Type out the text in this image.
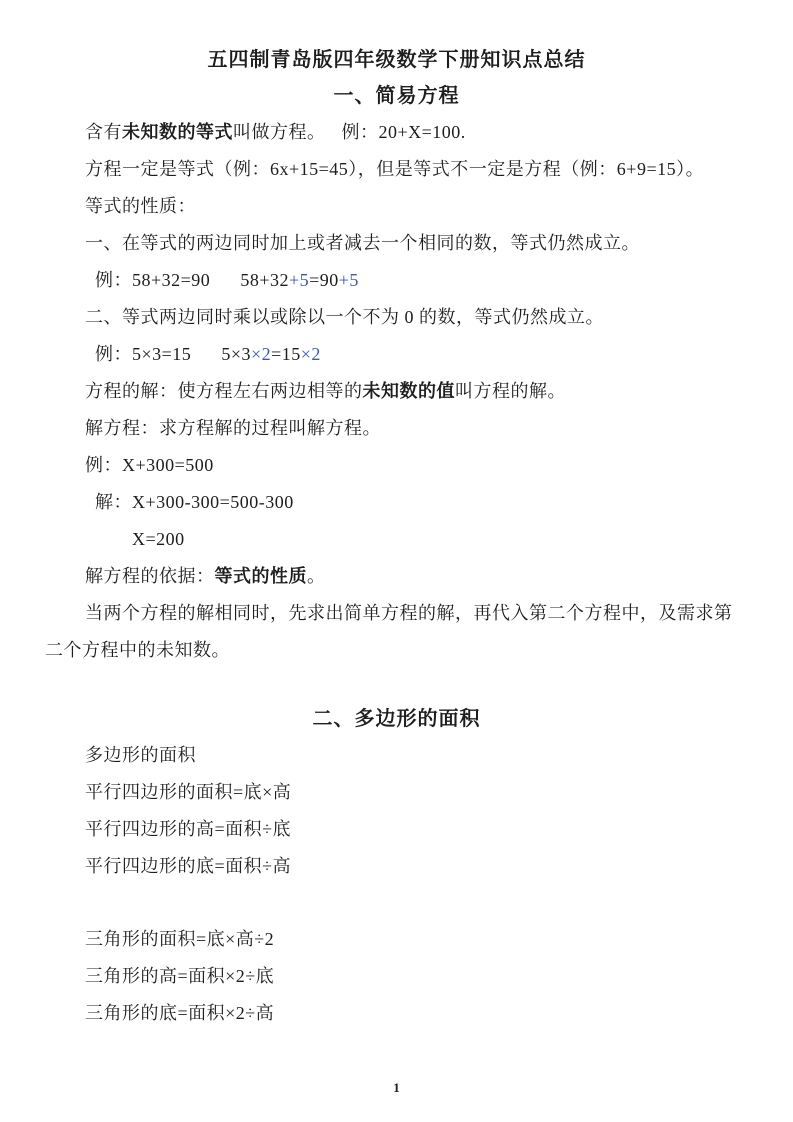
五四制青岛版四年级数学下册知识点总结
一、简易方程

含有未知数的等式叫做方程。 例：20+X=100.

方程一定是等式（例：6x+15=45），但是等式不一定是方程（例：6+9=15）。

等式的性质：

一、在等式的两边同时加上或者减去一个相同的数，等式仍然成立。

例：58+32=90 58+32+5=90+5

二、等式两边同时乘以或除以一个不为 0 的数，等式仍然成立。

例：5×3=15 5×3×2=15×2

方程的解：使方程左右两边相等的未知数的值叫方程的解。

解方程：求方程解的过程叫解方程。

例：X+300=500

解：X+300-300=500-300

X=200

解方程的依据：等式的性质。

当两个方程的解相同时，先求出简单方程的解，再代入第二个方程中，及需求第二个方程中的未知数。

二、多边形的面积

多边形的面积

平行四边形的面积=底×高

平行四边形的高=面积÷底

平行四边形的底=面积÷高

三角形的面积=底×高÷2

三角形的高=面积×2÷底

三角形的底=面积×2÷高

1
